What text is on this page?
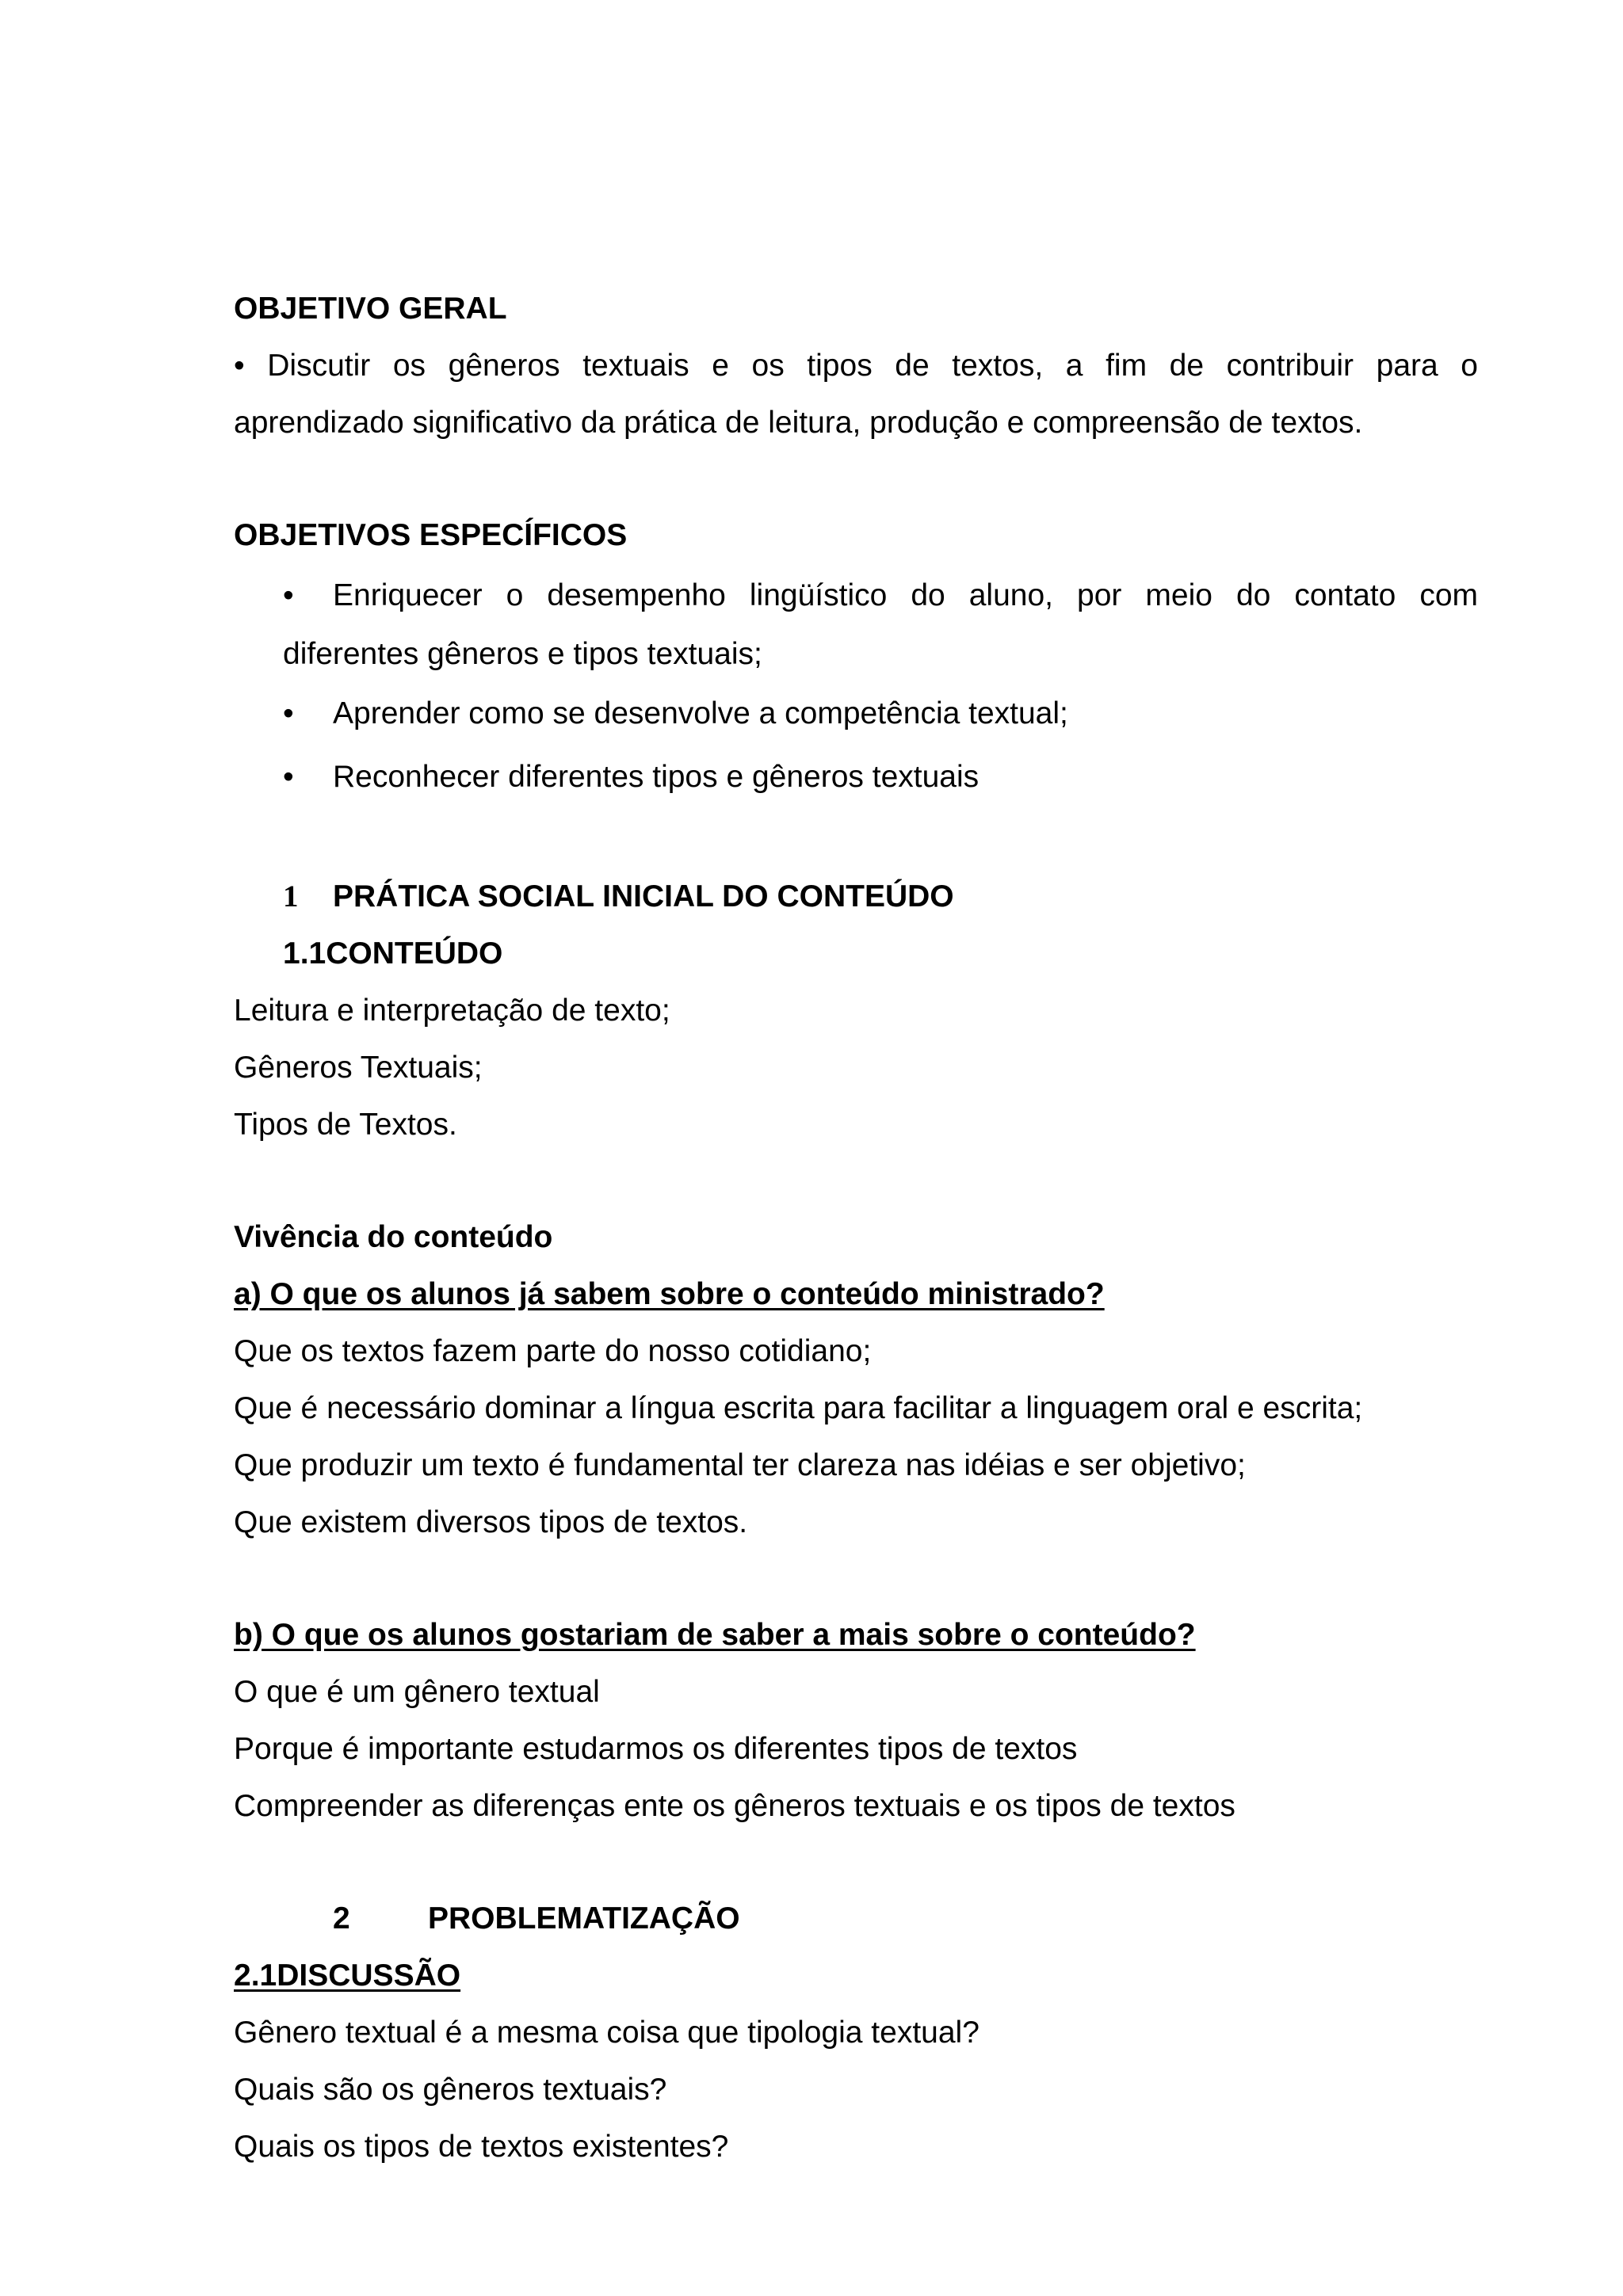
OBJETIVO GERAL
• Discutir os gêneros textuais e os tipos de textos, a fim de contribuir para o
aprendizado significativo da prática de leitura, produção e compreensão de textos.
OBJETIVOS ESPECÍFICOS
• Enriquecer o desempenho lingüístico do aluno, por meio do contato com
diferentes gêneros e tipos textuais;
• Aprender como se desenvolve a competência textual;
• Reconhecer diferentes tipos e gêneros textuais
1 PRÁTICA SOCIAL INICIAL DO CONTEÚDO
1.1CONTEÚDO
Leitura e interpretação de texto;
Gêneros Textuais;
Tipos de Textos.
Vivência do conteúdo
a) O que os alunos já sabem sobre o conteúdo ministrado?
Que os textos fazem parte do nosso cotidiano;
Que é necessário dominar a língua escrita para facilitar a linguagem oral e escrita;
Que produzir um texto é fundamental ter clareza nas idéias e ser objetivo;
Que existem diversos tipos de textos.
b) O que os alunos gostariam de saber a mais sobre o conteúdo?
O que é um gênero textual
Porque é importante estudarmos os diferentes tipos de textos
Compreender as diferenças ente os gêneros textuais e os tipos de textos
2	PROBLEMATIZAÇÃO
2.1DISCUSSÃO
Gênero textual é a mesma coisa que tipologia textual?
Quais são os gêneros textuais?
Quais os tipos de textos existentes?
